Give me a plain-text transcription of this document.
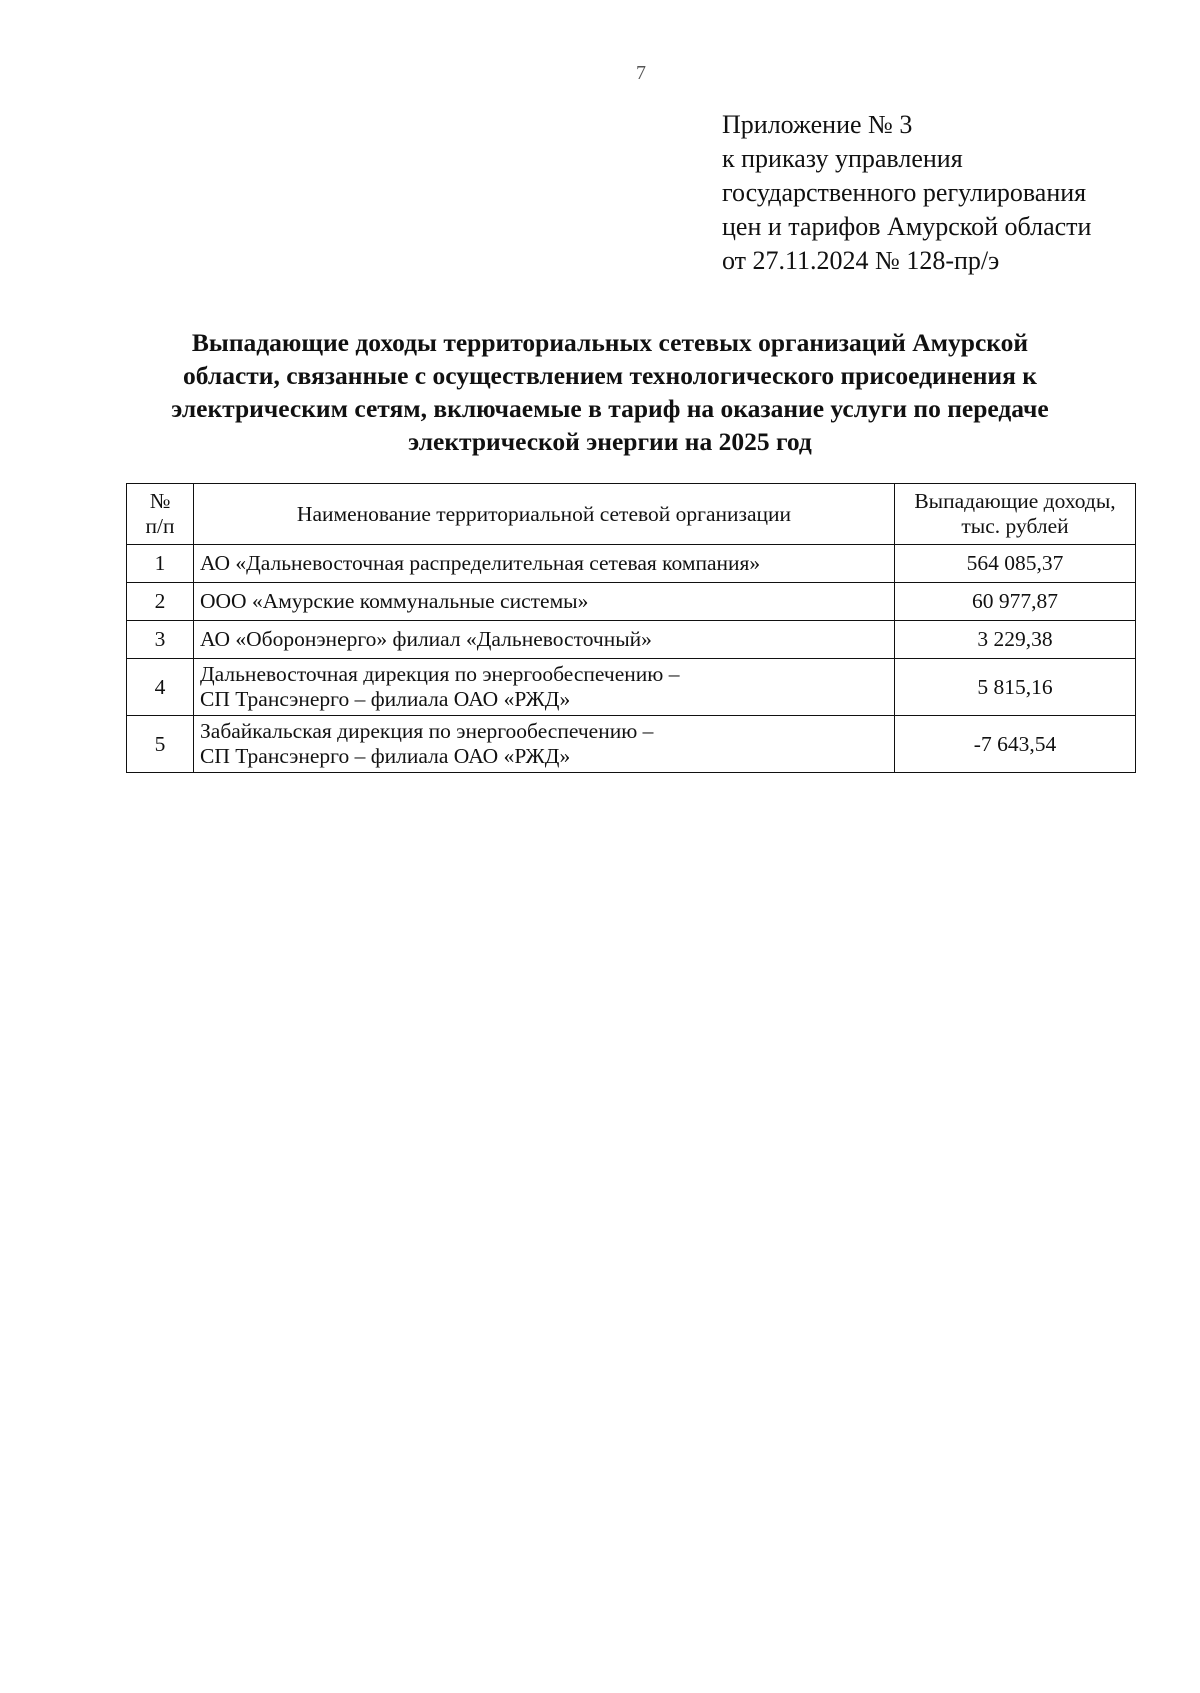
7
Приложение № 3
к приказу управления
государственного регулирования
цен и тарифов Амурской области
от 27.11.2024 № 128-пр/э
Выпадающие доходы территориальных сетевых организаций Амурской
области, связанные с осуществлением технологического присоединения к
электрическим сетям, включаемые в тариф на оказание услуги по передаче
электрической энергии на 2025 год
№
п/п	Наименование территориальной сетевой организации	Выпадающие доходы,
тыс. рублей

1	АО «Дальневосточная распределительная сетевая компания»	564 085,37
2	ООО «Амурские коммунальные системы»	60 977,87
3	АО «Оборонэнерго» филиал «Дальневосточный»	3 229,38
4	Дальневосточная дирекция по энергообеспечению –
СП Трансэнерго – филиала ОАО «РЖД»	5 815,16
5	Забайкальская дирекция по энергообеспечению –
СП Трансэнерго – филиала ОАО «РЖД»	-7 643,54
